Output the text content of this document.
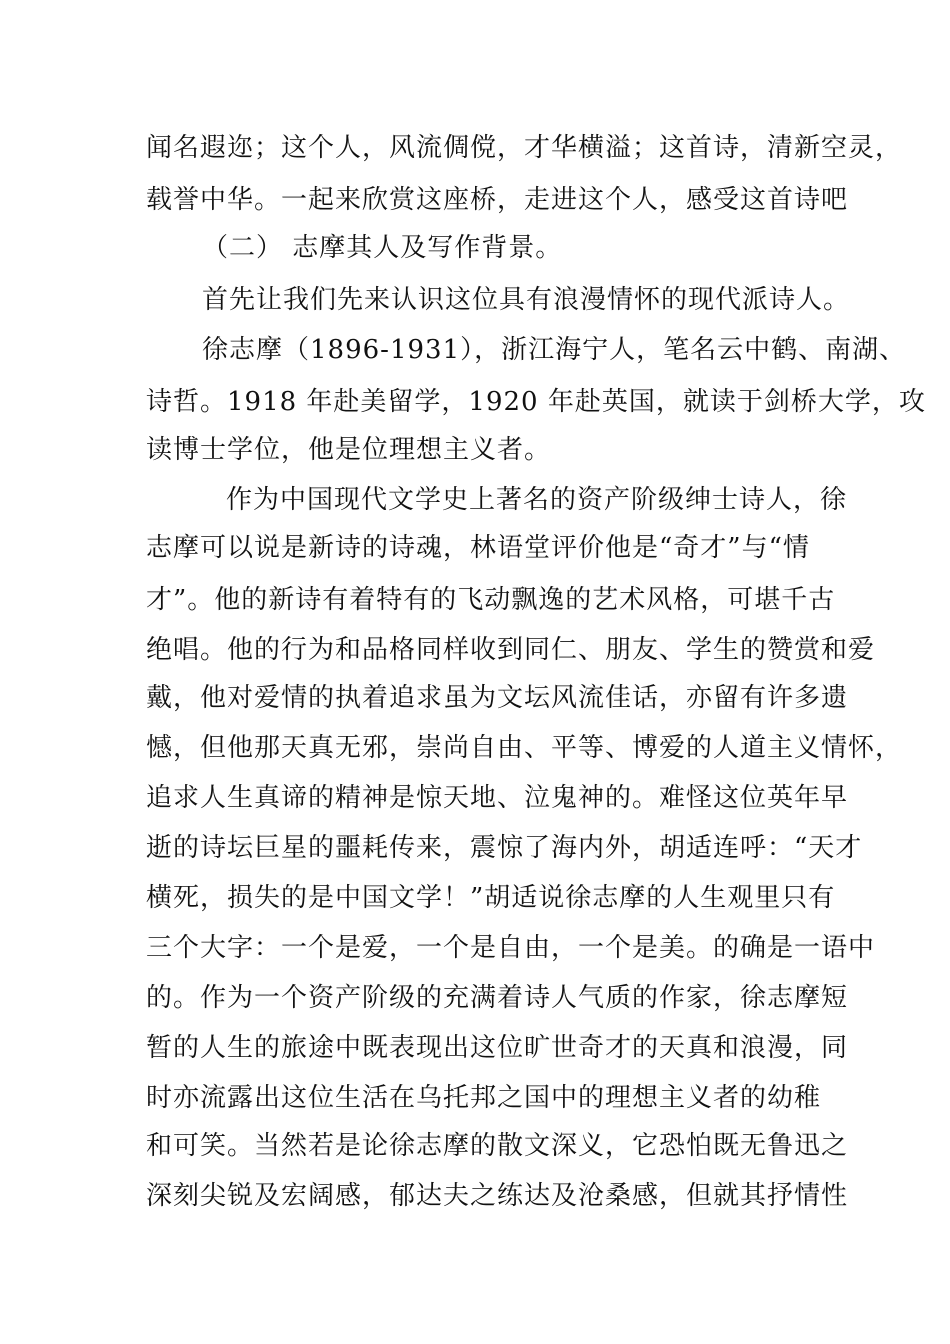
闻名遐迩；这个人，风流倜傥，才华横溢；这首诗，清新空灵，
载誉中华。一起来欣赏这座桥，走进这个人，感受这首诗吧
（二） 志摩其人及写作背景。
首先让我们先来认识这位具有浪漫情怀的现代派诗人。
徐志摩（1896-1931），浙江海宁人，笔名云中鹤、南湖、
诗哲。1918 年赴美留学，1920 年赴英国，就读于剑桥大学，攻
读博士学位，他是位理想主义者。
作为中国现代文学史上著名的资产阶级绅士诗人，徐
志摩可以说是新诗的诗魂，林语堂评价他是“奇才”与“情
才”。他的新诗有着特有的飞动飘逸的艺术风格，可堪千古
绝唱。他的行为和品格同样收到同仁、朋友、学生的赞赏和爱
戴，他对爱情的执着追求虽为文坛风流佳话，亦留有许多遗
憾，但他那天真无邪，崇尚自由、平等、博爱的人道主义情怀，
追求人生真谛的精神是惊天地、泣鬼神的。难怪这位英年早
逝的诗坛巨星的噩耗传来，震惊了海内外，胡适连呼：“天才
横死，损失的是中国文学！”胡适说徐志摩的人生观里只有
三个大字：一个是爱，一个是自由，一个是美。的确是一语中
的。作为一个资产阶级的充满着诗人气质的作家，徐志摩短
暂的人生的旅途中既表现出这位旷世奇才的天真和浪漫，同
时亦流露出这位生活在乌托邦之国中的理想主义者的幼稚
和可笑。当然若是论徐志摩的散文深义，它恐怕既无鲁迅之
深刻尖锐及宏阔感，郁达夫之练达及沧桑感，但就其抒情性
